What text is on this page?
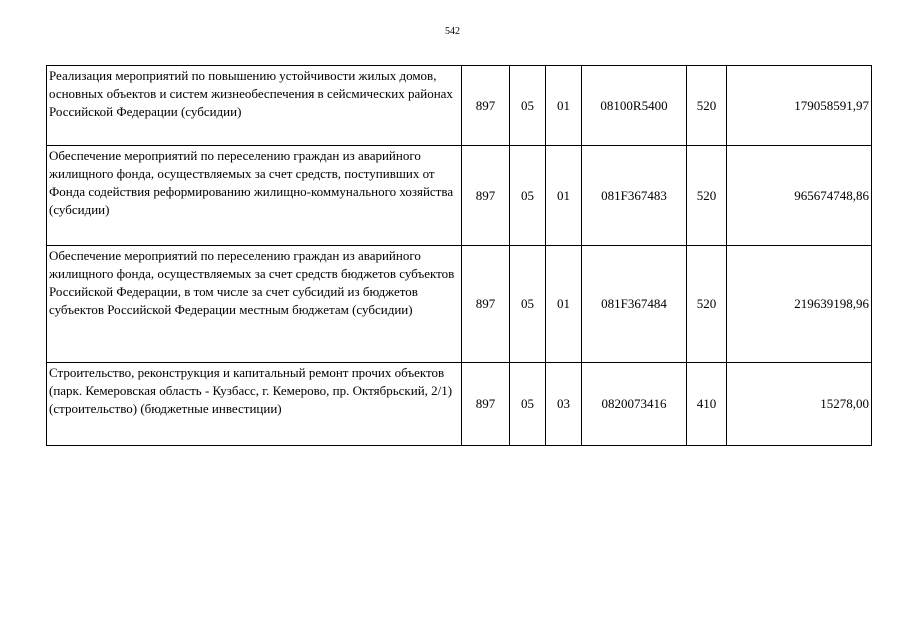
542
Реализация мероприятий по повышению устойчивости жилых домов, основных объектов и систем жизнеобеспечения в сейсмических районах Российской Федерации (субсидии)	897	05	01	08100R5400	520	179058591,97
Обеспечение мероприятий по переселению граждан из аварийного жилищного фонда, осуществляемых за счет средств, поступивших от Фонда содействия реформированию жилищно-коммунального хозяйства (субсидии)	897	05	01	081F367483	520	965674748,86
Обеспечение мероприятий по переселению граждан из аварийного жилищного фонда, осуществляемых за счет средств бюджетов субъектов Российской Федерации, в том числе за счет субсидий из бюджетов субъектов Российской Федерации местным бюджетам (субсидии)	897	05	01	081F367484	520	219639198,96
Строительство, реконструкция и капитальный ремонт прочих объектов (парк. Кемеровская область - Кузбасс, г. Кемерово, пр. Октябрьский, 2/1) (строительство) (бюджетные инвестиции)	897	05	03	0820073416	410	15278,00
